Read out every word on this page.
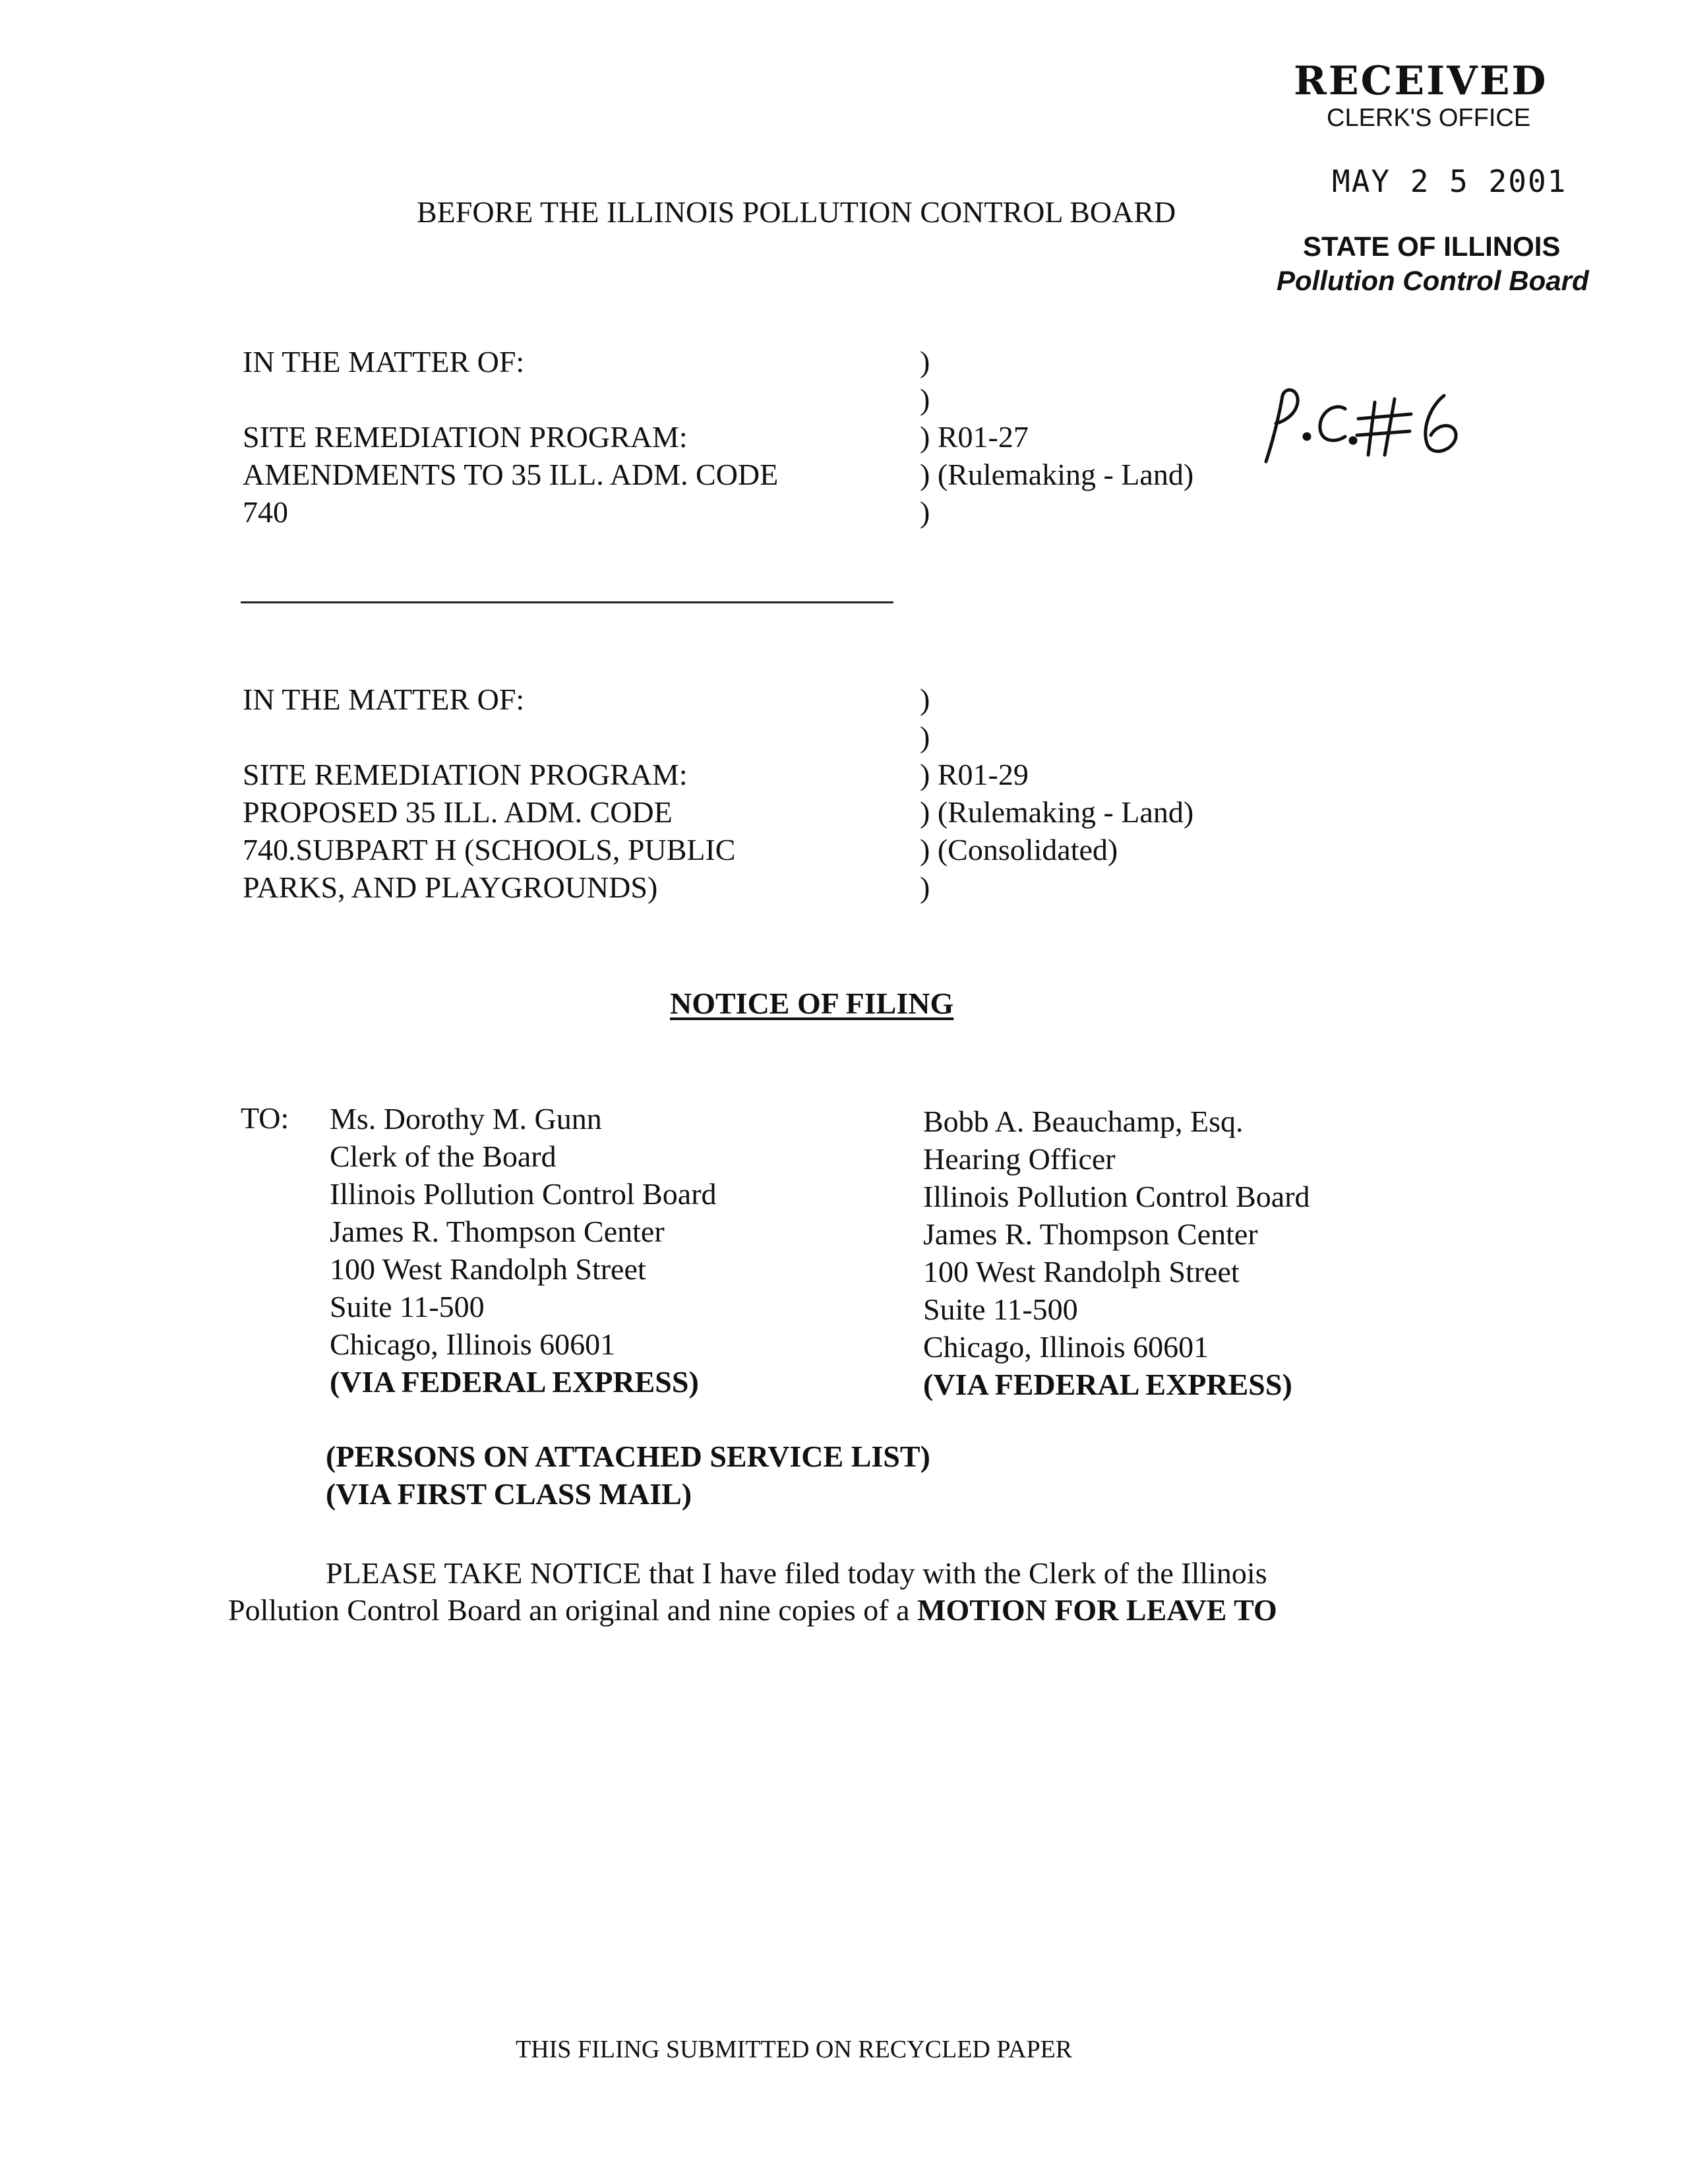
RECEIVED
CLERK'S OFFICE
MAY 2 5 2001
STATE OF ILLINOIS
Pollution Control Board
BEFORE THE ILLINOIS POLLUTION CONTROL BOARD
IN THE MATTER OF:
SITE REMEDIATION PROGRAM:
AMENDMENTS TO 35 ILL. ADM. CODE
740
)
)
) R01-27
) (Rulemaking - Land)
)
IN THE MATTER OF:
SITE REMEDIATION PROGRAM:
PROPOSED 35 ILL. ADM. CODE
740.SUBPART H (SCHOOLS, PUBLIC
PARKS, AND PLAYGROUNDS)
)
)
) R01-29
) (Rulemaking - Land)
) (Consolidated)
)
NOTICE OF FILING
TO: Ms. Dorothy M. Gunn
Clerk of the Board
Illinois Pollution Control Board
James R. Thompson Center
100 West Randolph Street
Suite 11-500
Chicago, Illinois 60601
(VIA FEDERAL EXPRESS)
Bobb A. Beauchamp, Esq.
Hearing Officer
Illinois Pollution Control Board
James R. Thompson Center
100 West Randolph Street
Suite 11-500
Chicago, Illinois 60601
(VIA FEDERAL EXPRESS)
(PERSONS ON ATTACHED SERVICE LIST)
(VIA FIRST CLASS MAIL)
PLEASE TAKE NOTICE that I have filed today with the Clerk of the Illinois
Pollution Control Board an original and nine copies of a MOTION FOR LEAVE TO
THIS FILING SUBMITTED ON RECYCLED PAPER
